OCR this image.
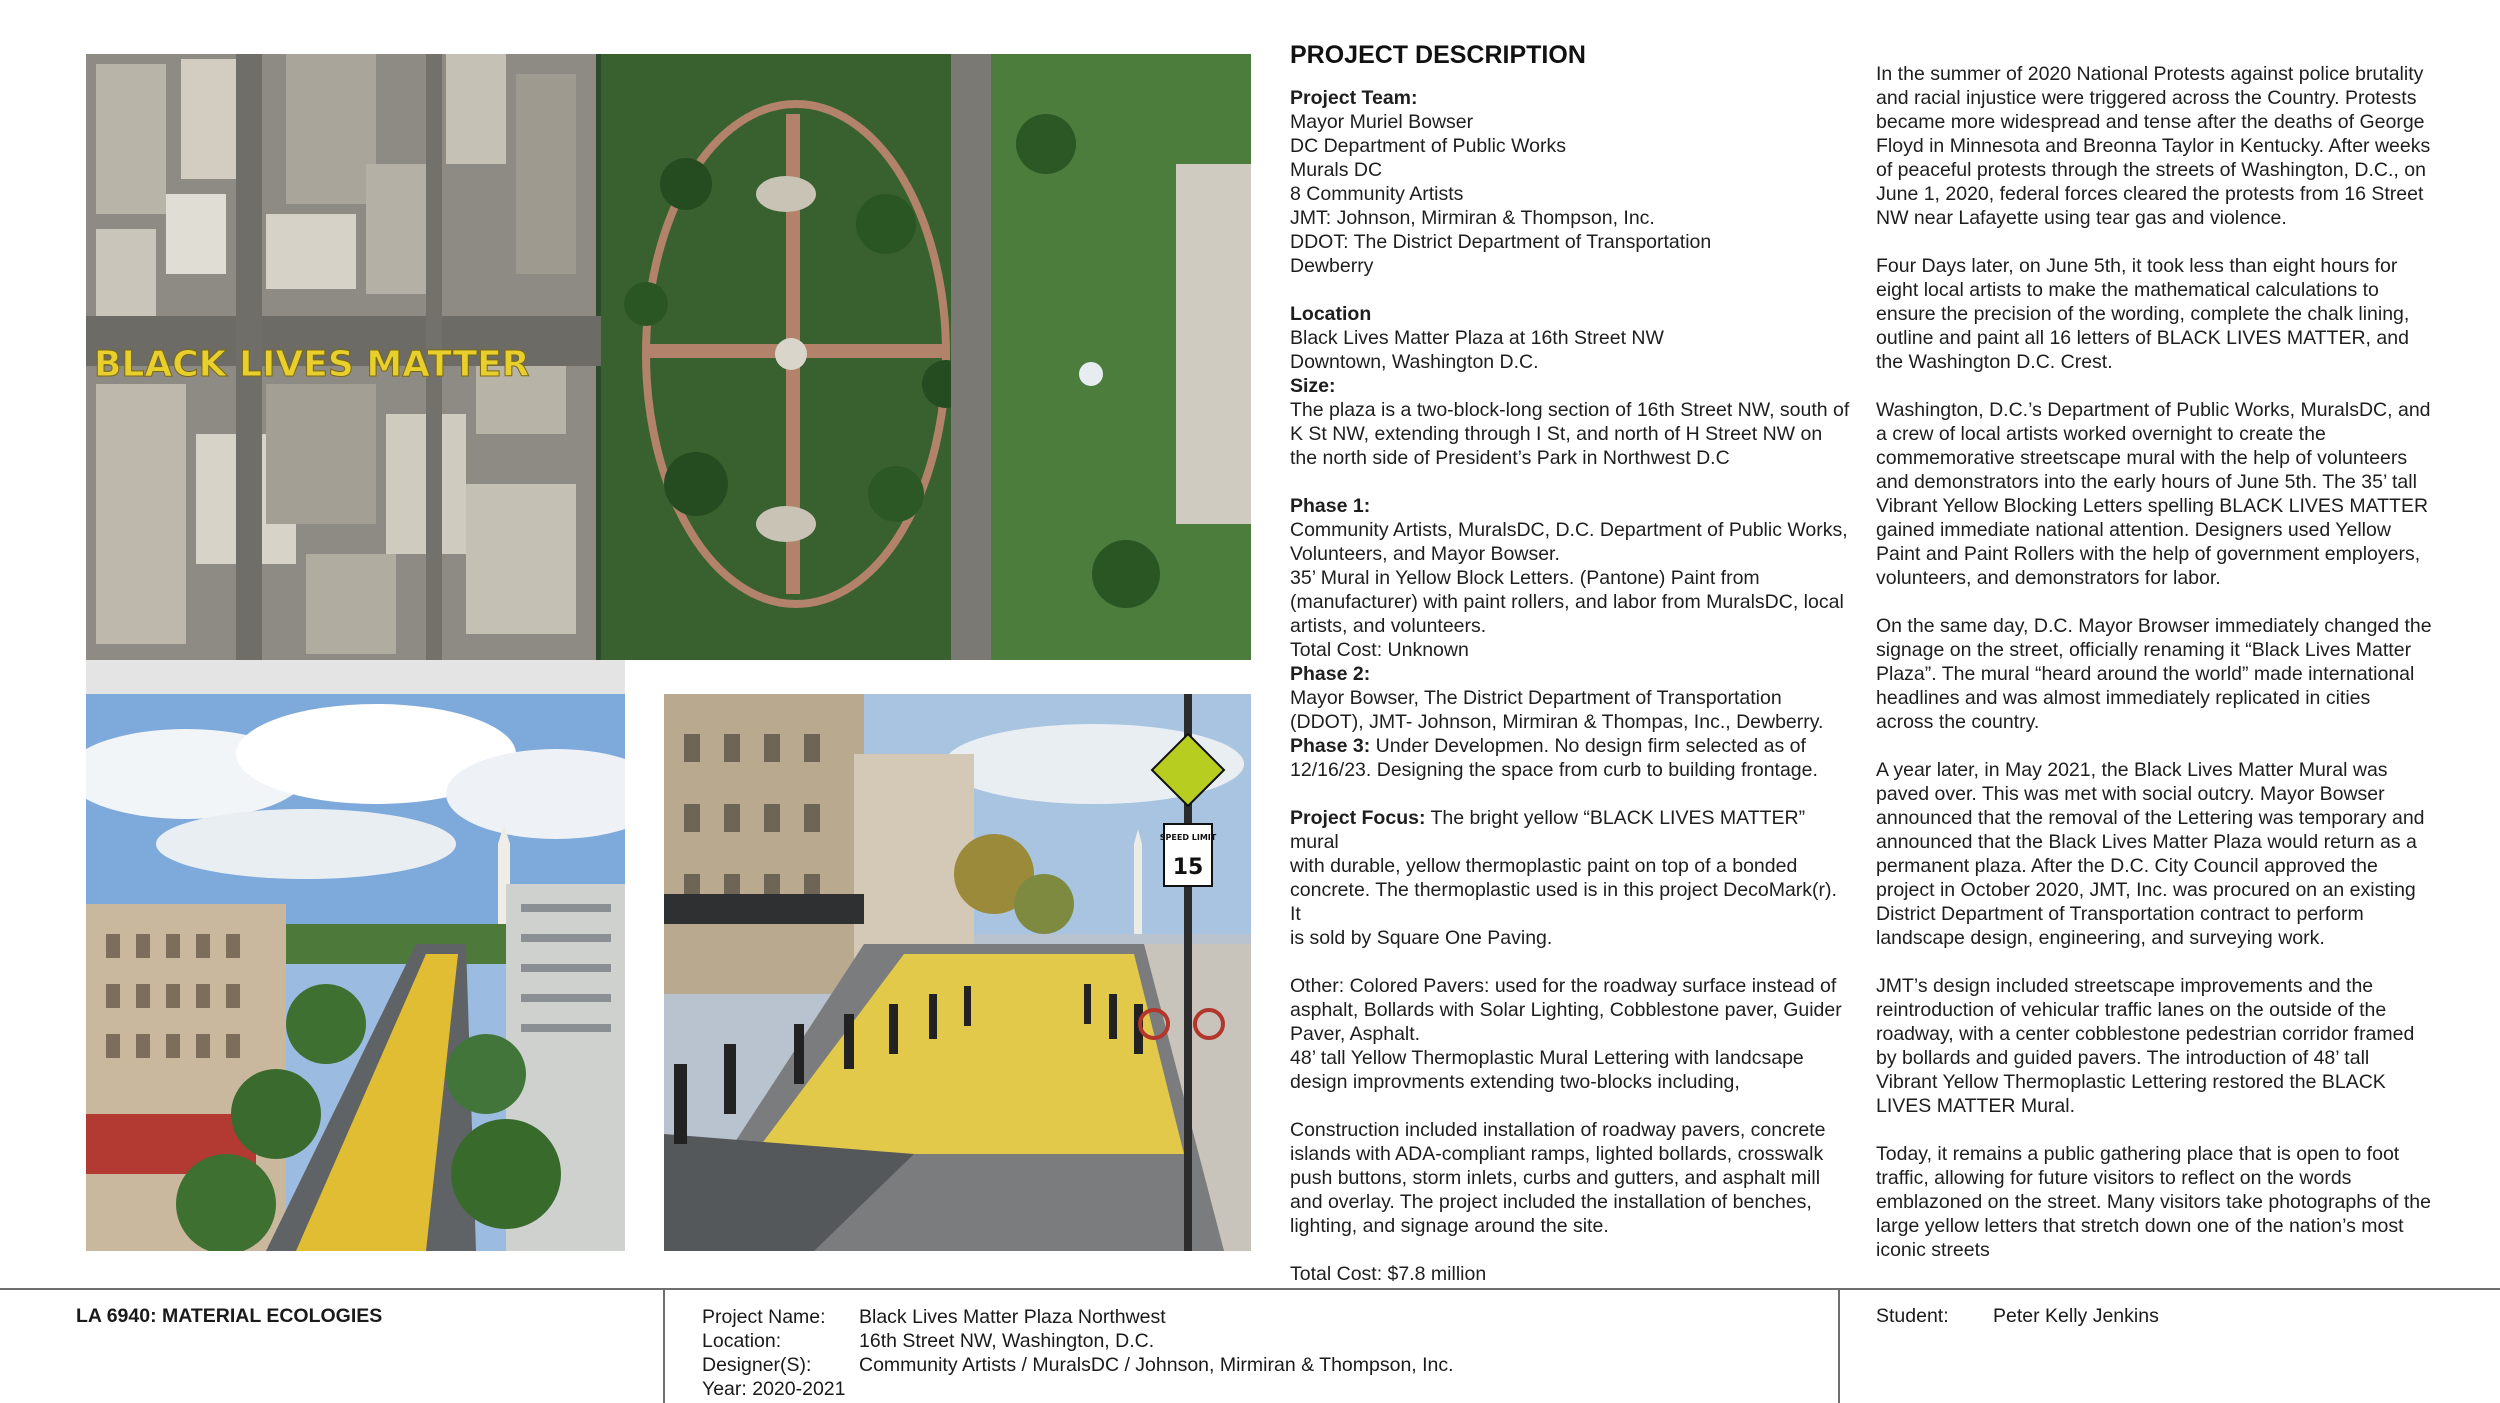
BLACK LIVES MATTER
SPEED LIMIT
15
PROJECT DESCRIPTION
Project Team:
Mayor Muriel Bowser
DC Department of Public Works
Murals DC
8 Community Artists
JMT: Johnson, Mirmiran & Thompson, Inc.
DDOT: The District Department of Transportation
Dewberry
Location
Black Lives Matter Plaza at 16th Street NW
Downtown, Washington D.C.
Size:
The plaza is a two-block-long section of 16th Street NW, south of
K St NW, extending through I St, and north of H Street NW on
the north side of President’s Park in Northwest D.C
Phase 1:
Community Artists, MuralsDC, D.C. Department of Public Works,
Volunteers, and Mayor Bowser.
35’ Mural in Yellow Block Letters. (Pantone) Paint from
(manufacturer) with paint rollers, and labor from MuralsDC, local
artists, and volunteers.
Total Cost: Unknown
Phase 2:
Mayor Bowser, The District Department of Transportation
(DDOT), JMT- Johnson, Mirmiran & Thompas, Inc., Dewberry.
Phase 3: Under Developmen. No design firm selected as of
12/16/23. Designing the space from curb to building frontage.
Project Focus: The bright yellow “BLACK LIVES MATTER” mural
with durable, yellow thermoplastic paint on top of a bonded
concrete. The thermoplastic used is in this project DecoMark(r). It
is sold by Square One Paving.
Other: Colored Pavers: used for the roadway surface instead of
asphalt, Bollards with Solar Lighting, Cobblestone paver, Guider
Paver, Asphalt.
48’ tall Yellow Thermoplastic Mural Lettering with landcsape
design improvments extending two-blocks including,
Construction included installation of roadway pavers, concrete
islands with ADA-compliant ramps, lighted bollards, crosswalk
push buttons, storm inlets, curbs and gutters, and asphalt mill
and overlay. The project included the installation of benches,
lighting, and signage around the site.
Total Cost: $7.8 million

In the summer of 2020 National Protests against police brutality and racial injustice were triggered across the Country. Protests became more widespread and tense after the deaths of George Floyd in Minnesota and Breonna Taylor in Kentucky. After weeks of peaceful protests through the streets of Washington, D.C., on June 1, 2020, federal forces cleared the protests from 16 Street NW near Lafayette using tear gas and violence.

Four Days later, on June 5th, it took less than eight hours for eight local artists to make the mathematical calculations to ensure the precision of the wording, complete the chalk lining, outline and paint all 16 letters of BLACK LIVES MATTER, and the Washington D.C. Crest.

Washington, D.C.’s Department of Public Works, MuralsDC, and a crew of local artists worked overnight to create the commemorative streetscape mural with the help of volunteers and demonstrators into the early hours of June 5th. The 35’ tall Vibrant Yellow Blocking Letters spelling BLACK LIVES MATTER gained immediate national attention. Designers used Yellow Paint and Paint Rollers with the help of government employers, volunteers, and demonstrators for labor.

On the same day, D.C. Mayor Browser immediately changed the signage on the street, officially renaming it “Black Lives Matter Plaza”. The mural “heard around the world” made international headlines and was almost immediately replicated in cities across the country.

A year later, in May 2021, the Black Lives Matter Mural was paved over. This was met with social outcry. Mayor Bowser announced that the removal of the Lettering was temporary and announced that the Black Lives Matter Plaza would return as a permanent plaza. After the D.C. City Council approved the project in October 2020, JMT, Inc. was procured on an existing District Department of Transportation contract to perform landscape design, engineering, and surveying work.

JMT’s design included streetscape improvements and the reintroduction of vehicular traffic lanes on the outside of the roadway, with a center cobblestone pedestrian corridor framed by bollards and guided pavers. The introduction of 48’ tall Vibrant Yellow Thermoplastic Lettering restored the BLACK LIVES MATTER Mural.

Today, it remains a public gathering place that is open to foot traffic, allowing for future visitors to reflect on the words emblazoned on the street. Many visitors take photographs of the large yellow letters that stretch down one of the nation’s most iconic streets

LA 6940: MATERIAL ECOLOGIES	Project Name: Black Lives Matter Plaza Northwest
Location:	16th Street NW, Washington, D.C.
Designer(S): Community Artists / MuralsDC / Johnson, Mirmiran & Thompson, Inc.
Year: 2020-2021
Student: Peter Kelly Jenkins
